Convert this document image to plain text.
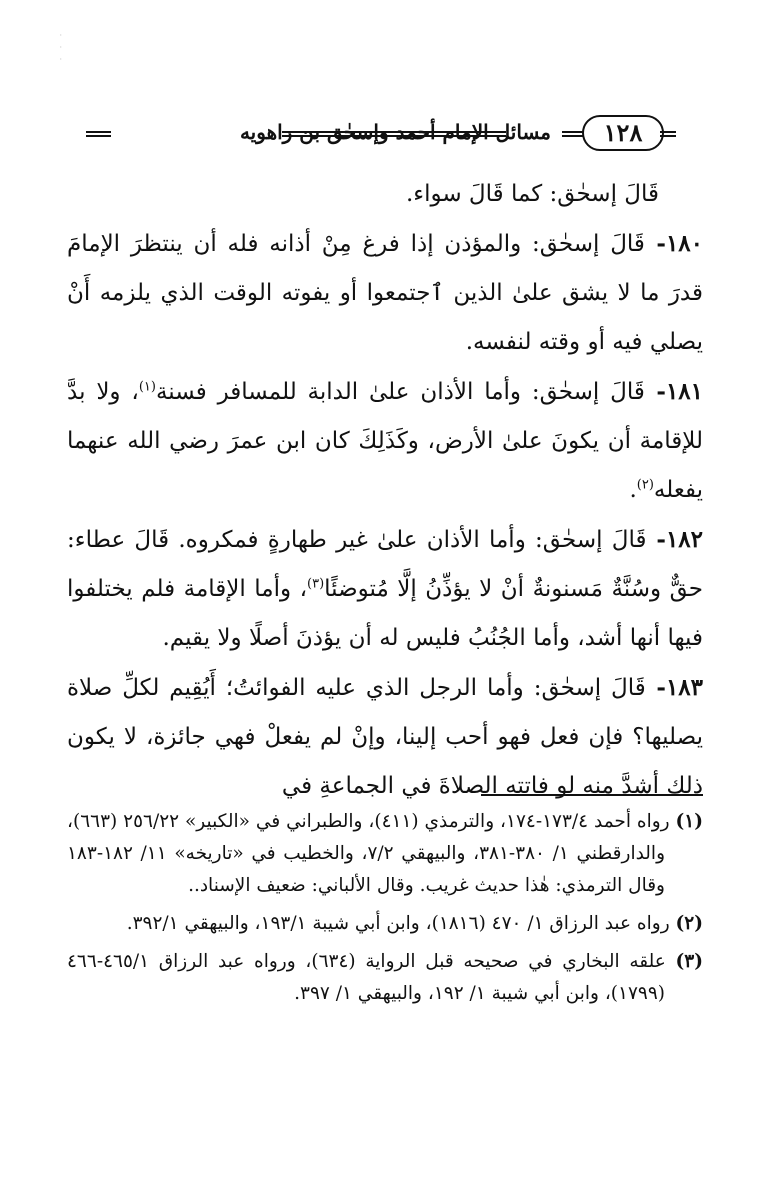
·
·
·
١٢٨
مسائل الإمام أحمد وإسحٰق بن راهويه

قَالَ إسحٰق: كما قَالَ سواء.

١٨٠- قَالَ إسحٰق: والمؤذن إذا فرغ مِنْ أذانه فله أن ينتظرَ الإمامَ قدرَ ما لا يشق علىٰ الذين ٱجتمعوا أو يفوته الوقت الذي يلزمه أَنْ يصلي فيه أو وقته لنفسه.

١٨١- قَالَ إسحٰق: وأما الأذان علىٰ الدابة للمسافر فسنة$^{(١)}$، ولا بدَّ للإقامة أن يكونَ علىٰ الأرض، وكَذَلِكَ كان ابن عمرَ رضي الله عنهما يفعله$^{(٢)}$.

١٨٢- قَالَ إسحٰق: وأما الأذان علىٰ غير طهارةٍ فمكروه. قَالَ عطاء: حقٌّ وسُنَّةٌ مَسنونةٌ أنْ لا يؤذِّنُ إلَّا مُتوضئًا$^{(٣)}$، وأما الإقامة فلم يختلفوا فيها أنها أشد، وأما الجُنُبُ فليس له أن يؤذنَ أصلًا ولا يقيم.

١٨٣- قَالَ إسحٰق: وأما الرجل الذي عليه الفوائتُ؛ أَيُقِيم لكلِّ صلاة يصليها؟ فإن فعل فهو أحب إلينا، وإنْ لم يفعلْ فهي جائزة، لا يكون ذلك أشدَّ منه لو فاتته الصلاةَ في الجماعةِ في

(١) رواه أحمد ١٧٣/٤-١٧٤، والترمذي (٤١١)، والطبراني في «الكبير» ٢٥٦/٢٢ (٦٦٣)، والدارقطني ١/ ٣٨٠-٣٨١، والبيهقي ٧/٢، والخطيب في «تاريخه» ١١/ ١٨٢-١٨٣ وقال الترمذي: هٰذا حديث غريب. وقال الألباني: ضعيف الإسناد..

(٢) رواه عبد الرزاق ١/ ٤٧٠ (١٨١٦)، وابن أبي شيبة ١٩٣/١، والبيهقي ٣٩٢/١.

(٣) علقه البخاري في صحيحه قبل الرواية (٦٣٤)، ورواه عبد الرزاق ٤٦٥/١-٤٦٦ (١٧٩٩)، وابن أبي شيبة ١/ ١٩٢، والبيهقي ١/ ٣٩٧.
